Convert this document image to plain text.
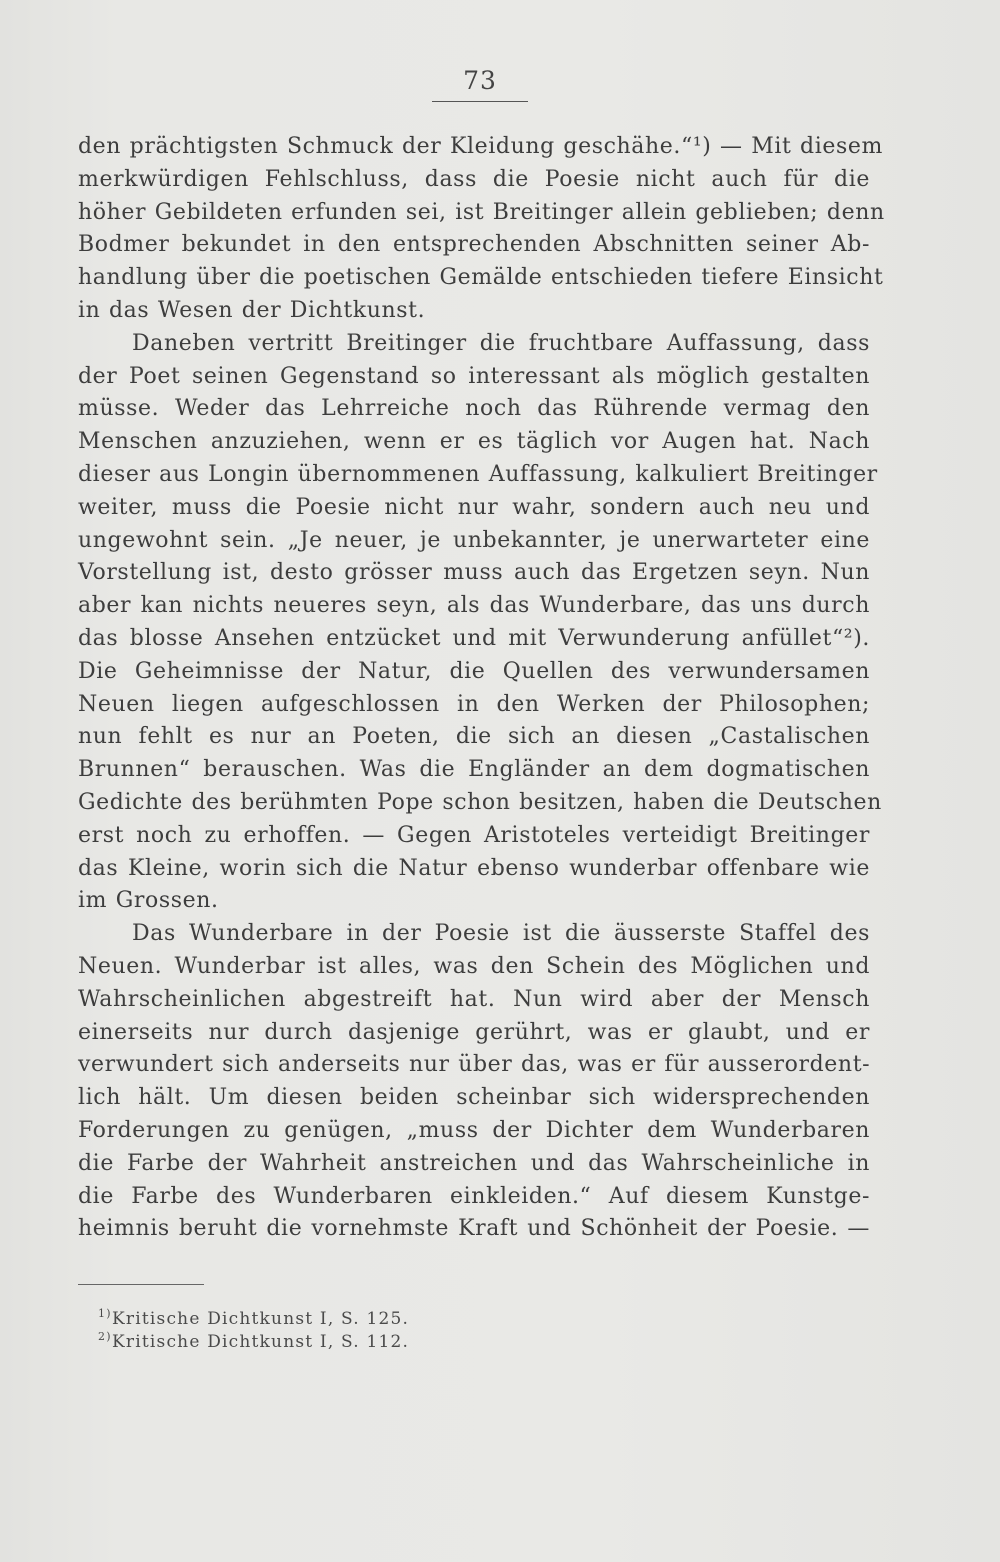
73
den prächtigsten Schmuck der Kleidung geschähe.“¹) — Mit diesem
merkwürdigen Fehlschluss, dass die Poesie nicht auch für die
höher Gebildeten erfunden sei, ist Breitinger allein geblieben; denn
Bodmer bekundet in den entsprechenden Abschnitten seiner Ab-
handlung über die poetischen Gemälde entschieden tiefere Einsicht
in das Wesen der Dichtkunst.
Daneben vertritt Breitinger die fruchtbare Auffassung, dass
der Poet seinen Gegenstand so interessant als möglich gestalten
müsse. Weder das Lehrreiche noch das Rührende vermag den
Menschen anzuziehen, wenn er es täglich vor Augen hat. Nach
dieser aus Longin übernommenen Auffassung, kalkuliert Breitinger
weiter, muss die Poesie nicht nur wahr, sondern auch neu und
ungewohnt sein. „Je neuer, je unbekannter, je unerwarteter eine
Vorstellung ist, desto grösser muss auch das Ergetzen seyn. Nun
aber kan nichts neueres seyn, als das Wunderbare, das uns durch
das blosse Ansehen entzücket und mit Verwunderung anfüllet“²).
Die Geheimnisse der Natur, die Quellen des verwundersamen
Neuen liegen aufgeschlossen in den Werken der Philosophen;
nun fehlt es nur an Poeten, die sich an diesen „Castalischen
Brunnen“ berauschen. Was die Engländer an dem dogmatischen
Gedichte des berühmten Pope schon besitzen, haben die Deutschen
erst noch zu erhoffen. — Gegen Aristoteles verteidigt Breitinger
das Kleine, worin sich die Natur ebenso wunderbar offenbare wie
im Grossen.
Das Wunderbare in der Poesie ist die äusserste Staffel des
Neuen. Wunderbar ist alles, was den Schein des Möglichen und
Wahrscheinlichen abgestreift hat. Nun wird aber der Mensch
einerseits nur durch dasjenige gerührt, was er glaubt, und er
verwundert sich anderseits nur über das, was er für ausserordent-
lich hält. Um diesen beiden scheinbar sich widersprechenden
Forderungen zu genügen, „muss der Dichter dem Wunderbaren
die Farbe der Wahrheit anstreichen und das Wahrscheinliche in
die Farbe des Wunderbaren einkleiden.“ Auf diesem Kunstge-
heimnis beruht die vornehmste Kraft und Schönheit der Poesie. —
1) Kritische Dichtkunst I, S. 125.
2) Kritische Dichtkunst I, S. 112.
